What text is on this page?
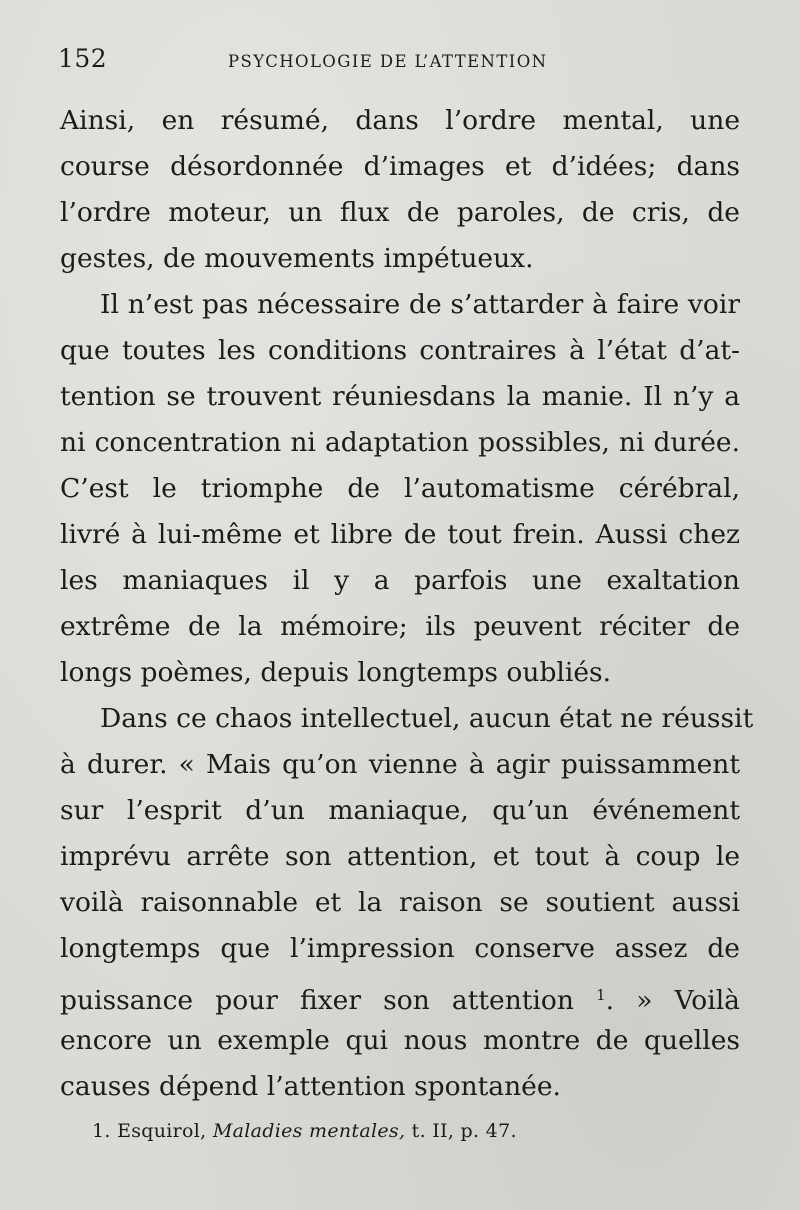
152	PSYCHOLOGIE DE L’ATTENTION
Ainsi, en résumé, dans l’ordre mental, une
course désordonnée d’images et d’idées; dans
l’ordre moteur, un flux de paroles, de cris, de
gestes, de mouvements impétueux.
Il n’est pas nécessaire de s’attarder à faire voir
que toutes les conditions contraires à l’état d’at-
tention se trouvent réuniesdans la manie. Il n’y a
ni concentration ni adaptation possibles, ni durée.
C’est le triomphe de l’automatisme cérébral,
livré à lui-même et libre de tout frein. Aussi chez
les maniaques il y a parfois une exaltation
extrême de la mémoire; ils peuvent réciter de
longs poèmes, depuis longtemps oubliés.
Dans ce chaos intellectuel, aucun état ne réussit
à durer. « Mais qu’on vienne à agir puissamment
sur l’esprit d’un maniaque, qu’un événement
imprévu arrête son attention, et tout à coup le
voilà raisonnable et la raison se soutient aussi
longtemps que l’impression conserve assez de
puissance pour fixer son attention $^1$. » Voilà
encore un exemple qui nous montre de quelles
causes dépend l’attention spontanée.
1. Esquirol, Maladies mentales, t. II, p. 47.
